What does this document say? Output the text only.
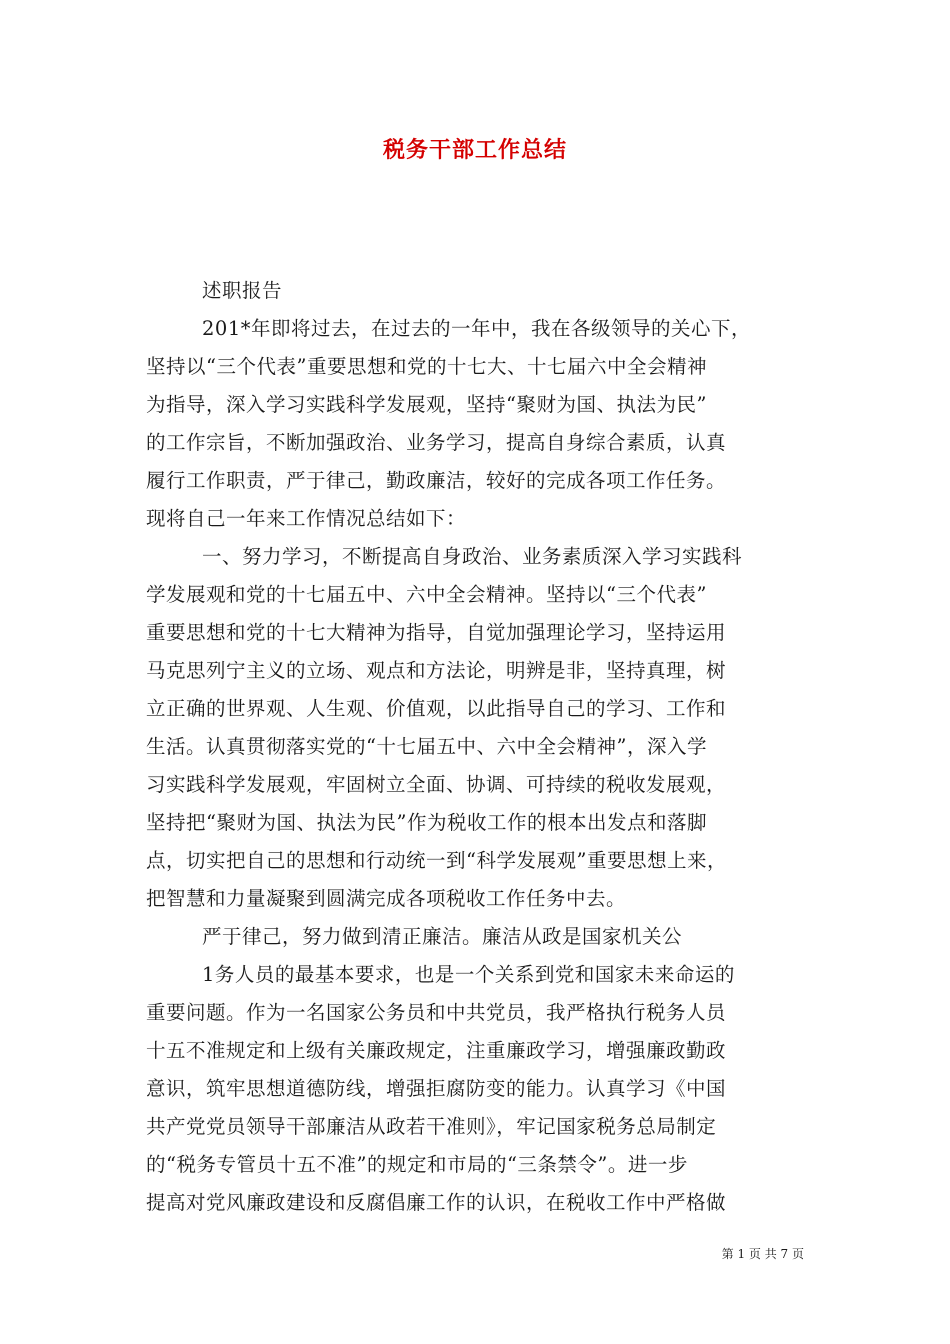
税务干部工作总结
述职报告
201*年即将过去，在过去的一年中，我在各级领导的关心下，
坚持以“三个代表”重要思想和党的十七大、十七届六中全会精神
为指导，深入学习实践科学发展观，坚持“聚财为国、执法为民”
的工作宗旨，不断加强政治、业务学习，提高自身综合素质，认真
履行工作职责，严于律己，勤政廉洁，较好的完成各项工作任务。
现将自己一年来工作情况总结如下：
一、努力学习，不断提高自身政治、业务素质深入学习实践科
学发展观和党的十七届五中、六中全会精神。坚持以“三个代表”
重要思想和党的十七大精神为指导，自觉加强理论学习，坚持运用
马克思列宁主义的立场、观点和方法论，明辨是非，坚持真理，树
立正确的世界观、人生观、价值观，以此指导自己的学习、工作和
生活。认真贯彻落实党的“十七届五中、六中全会精神”，深入学
习实践科学发展观，牢固树立全面、协调、可持续的税收发展观，
坚持把“聚财为国、执法为民”作为税收工作的根本出发点和落脚
点，切实把自己的思想和行动统一到“科学发展观”重要思想上来，
把智慧和力量凝聚到圆满完成各项税收工作任务中去。
严于律己，努力做到清正廉洁。廉洁从政是国家机关公
1务人员的最基本要求，也是一个关系到党和国家未来命运的
重要问题。作为一名国家公务员和中共党员，我严格执行税务人员
十五不准规定和上级有关廉政规定，注重廉政学习，增强廉政勤政
意识，筑牢思想道德防线，增强拒腐防变的能力。认真学习《中国
共产党党员领导干部廉洁从政若干准则》，牢记国家税务总局制定
的“税务专管员十五不准”的规定和市局的“三条禁令”。进一步
提高对党风廉政建设和反腐倡廉工作的认识，在税收工作中严格做
第 1 页 共 7 页
